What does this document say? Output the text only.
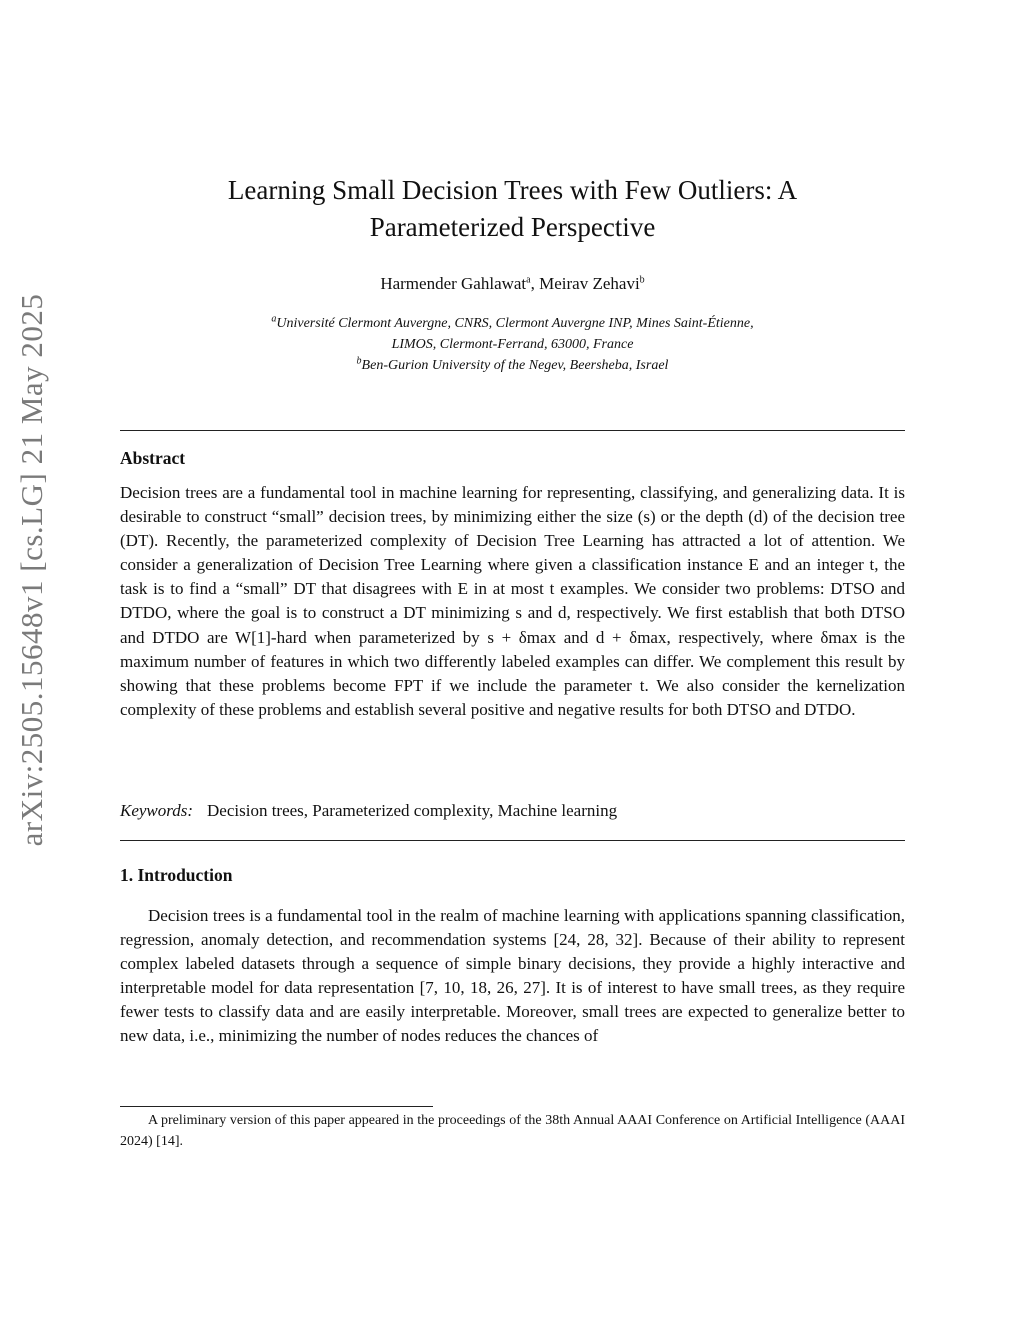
arXiv:2505.15648v1 [cs.LG] 21 May 2025
Learning Small Decision Trees with Few Outliers: A
Parameterized Perspective
Harmender Gahlawat$^a$, Meirav Zehavi$^b$
$^a$Université Clermont Auvergne, CNRS, Clermont Auvergne INP, Mines Saint-Étienne,
LIMOS, Clermont-Ferrand, 63000, France
$^b$Ben-Gurion University of the Negev, Beersheba, Israel
Abstract
Decision trees are a fundamental tool in machine learning for representing, classifying, and generalizing data. It is desirable to construct “small” decision trees, by minimizing either the size (s) or the depth (d) of the decision tree (DT). Recently, the parameterized complexity of Decision Tree Learning has attracted a lot of attention. We consider a generalization of Decision Tree Learning where given a classification instance E and an integer t, the task is to find a “small” DT that disagrees with E in at most t examples. We consider two problems: DTSO and DTDO, where the goal is to construct a DT minimizing s and d, respectively. We first establish that both DTSO and DTDO are W[1]-hard when parameterized by s + δmax and d + δmax, respectively, where δmax is the maximum number of features in which two differently labeled examples can differ. We complement this result by showing that these problems become FPT if we include the parameter t. We also consider the kernelization complexity of these problems and establish several positive and negative results for both DTSO and DTDO.
Keywords: Decision trees, Parameterized complexity, Machine learning
1. Introduction
Decision trees is a fundamental tool in the realm of machine learning with applications spanning classification, regression, anomaly detection, and recommendation systems [24, 28, 32]. Because of their ability to represent complex labeled datasets through a sequence of simple binary decisions, they provide a highly interactive and interpretable model for data representation [7, 10, 18, 26, 27]. It is of interest to have small trees, as they require fewer tests to classify data and are easily interpretable. Moreover, small trees are expected to generalize better to new data, i.e., minimizing the number of nodes reduces the chances of
A preliminary version of this paper appeared in the proceedings of the 38th Annual AAAI Conference on Artificial Intelligence (AAAI 2024) [14].
